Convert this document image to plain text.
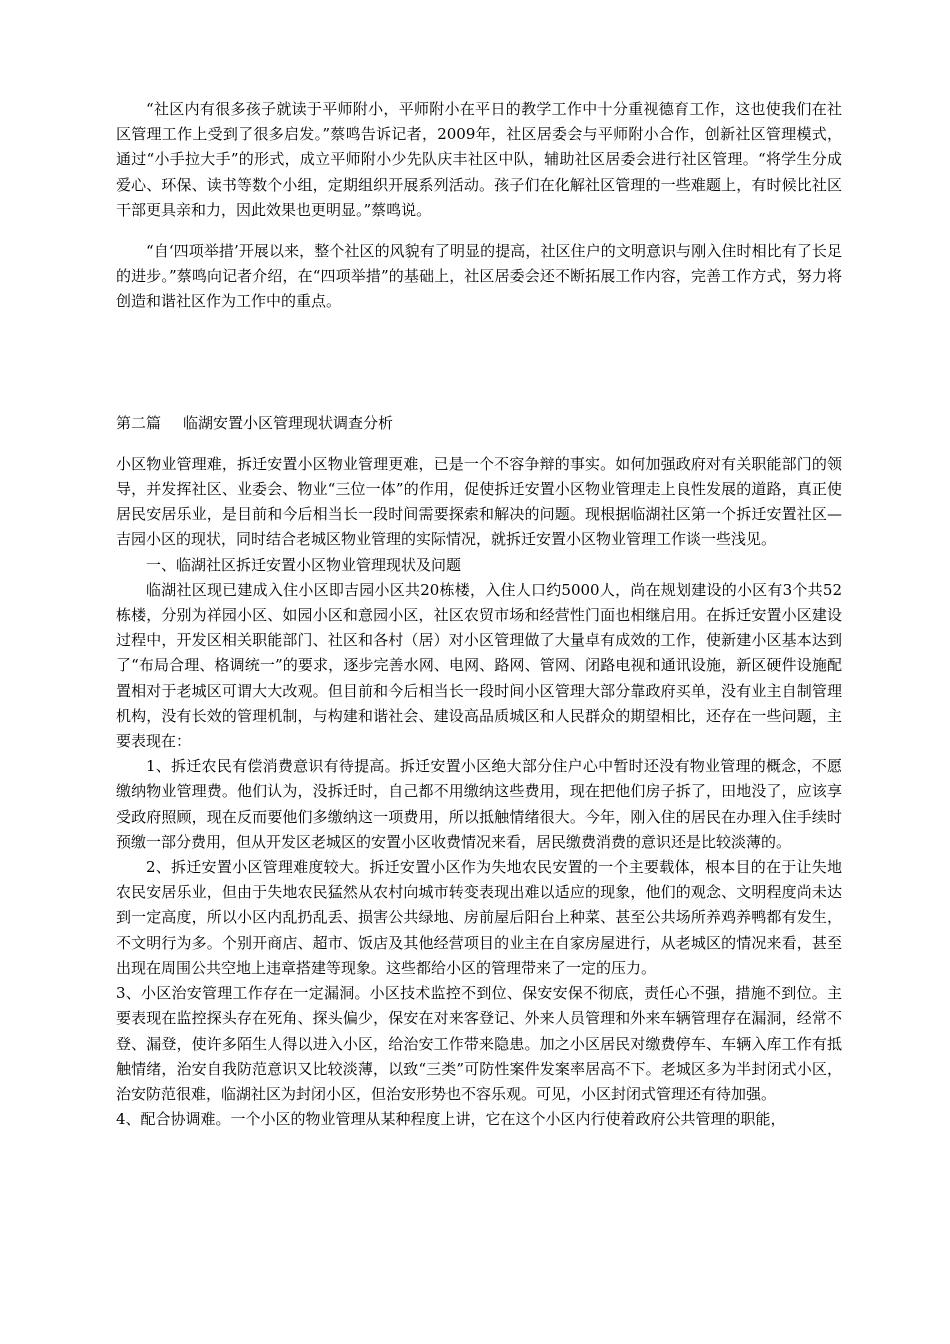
“社区内有很多孩子就读于平师附小，平师附小在平日的教学工作中十分重视德育工作，这也使我们在社区管理工作上受到了很多启发。”蔡鸣告诉记者，2009年，社区居委会与平师附小合作，创新社区管理模式，通过“小手拉大手”的形式，成立平师附小少先队庆丰社区中队，辅助社区居委会进行社区管理。“将学生分成爱心、环保、读书等数个小组，定期组织开展系列活动。孩子们在化解社区管理的一些难题上，有时候比社区干部更具亲和力，因此效果也更明显。”蔡鸣说。

“自‘四项举措’开展以来，整个社区的风貌有了明显的提高，社区住户的文明意识与刚入住时相比有了长足的进步。”蔡鸣向记者介绍，在“四项举措”的基础上，社区居委会还不断拓展工作内容，完善工作方式，努力将创造和谐社区作为工作中的重点。

第二篇 临湖安置小区管理现状调查分析

小区物业管理难，拆迁安置小区物业管理更难，已是一个不容争辩的事实。如何加强政府对有关职能部门的领导，并发挥社区、业委会、物业“三位一体”的作用，促使拆迁安置小区物业管理走上良性发展的道路，真正使居民安居乐业，是目前和今后相当长一段时间需要探索和解决的问题。现根据临湖社区第一个拆迁安置社区—吉园小区的现状，同时结合老城区物业管理的实际情况，就拆迁安置小区物业管理工作谈一些浅见。

一、临湖社区拆迁安置小区物业管理现状及问题

临湖社区现已建成入住小区即吉园小区共20栋楼，入住人口约5000人，尚在规划建设的小区有3个共52栋楼，分别为祥园小区、如园小区和意园小区，社区农贸市场和经营性门面也相继启用。在拆迁安置小区建设过程中，开发区相关职能部门、社区和各村（居）对小区管理做了大量卓有成效的工作，使新建小区基本达到了“布局合理、格调统一”的要求，逐步完善水网、电网、路网、管网、闭路电视和通讯设施，新区硬件设施配置相对于老城区可谓大大改观。但目前和今后相当长一段时间小区管理大部分靠政府买单，没有业主自制管理机构，没有长效的管理机制，与构建和谐社会、建设高品质城区和人民群众的期望相比，还存在一些问题，主要表现在：

1、拆迁农民有偿消费意识有待提高。拆迁安置小区绝大部分住户心中暂时还没有物业管理的概念，不愿缴纳物业管理费。他们认为，没拆迁时，自己都不用缴纳这些费用，现在把他们房子拆了，田地没了，应该享受政府照顾，现在反而要他们多缴纳这一项费用，所以抵触情绪很大。今年，刚入住的居民在办理入住手续时预缴一部分费用，但从开发区老城区的安置小区收费情况来看，居民缴费消费的意识还是比较淡薄的。

2、拆迁安置小区管理难度较大。拆迁安置小区作为失地农民安置的一个主要载体，根本目的在于让失地农民安居乐业，但由于失地农民猛然从农村向城市转变表现出难以适应的现象，他们的观念、文明程度尚未达到一定高度，所以小区内乱扔乱丢、损害公共绿地、房前屋后阳台上种菜、甚至公共场所养鸡养鸭都有发生，不文明行为多。个别开商店、超市、饭店及其他经营项目的业主在自家房屋进行，从老城区的情况来看，甚至出现在周围公共空地上违章搭建等现象。这些都给小区的管理带来了一定的压力。

3、小区治安管理工作存在一定漏洞。小区技术监控不到位、保安安保不彻底，责任心不强，措施不到位。主要表现在监控探头存在死角、探头偏少，保安在对来客登记、外来人员管理和外来车辆管理存在漏洞，经常不登、漏登，使许多陌生人得以进入小区，给治安工作带来隐患。加之小区居民对缴费停车、车辆入库工作有抵触情绪，治安自我防范意识又比较淡薄，以致“三类”可防性案件发案率居高不下。老城区多为半封闭式小区，治安防范很难，临湖社区为封闭小区，但治安形势也不容乐观。可见，小区封闭式管理还有待加强。

4、配合协调难。一个小区的物业管理从某种程度上讲，它在这个小区内行使着政府公共管理的职能，
